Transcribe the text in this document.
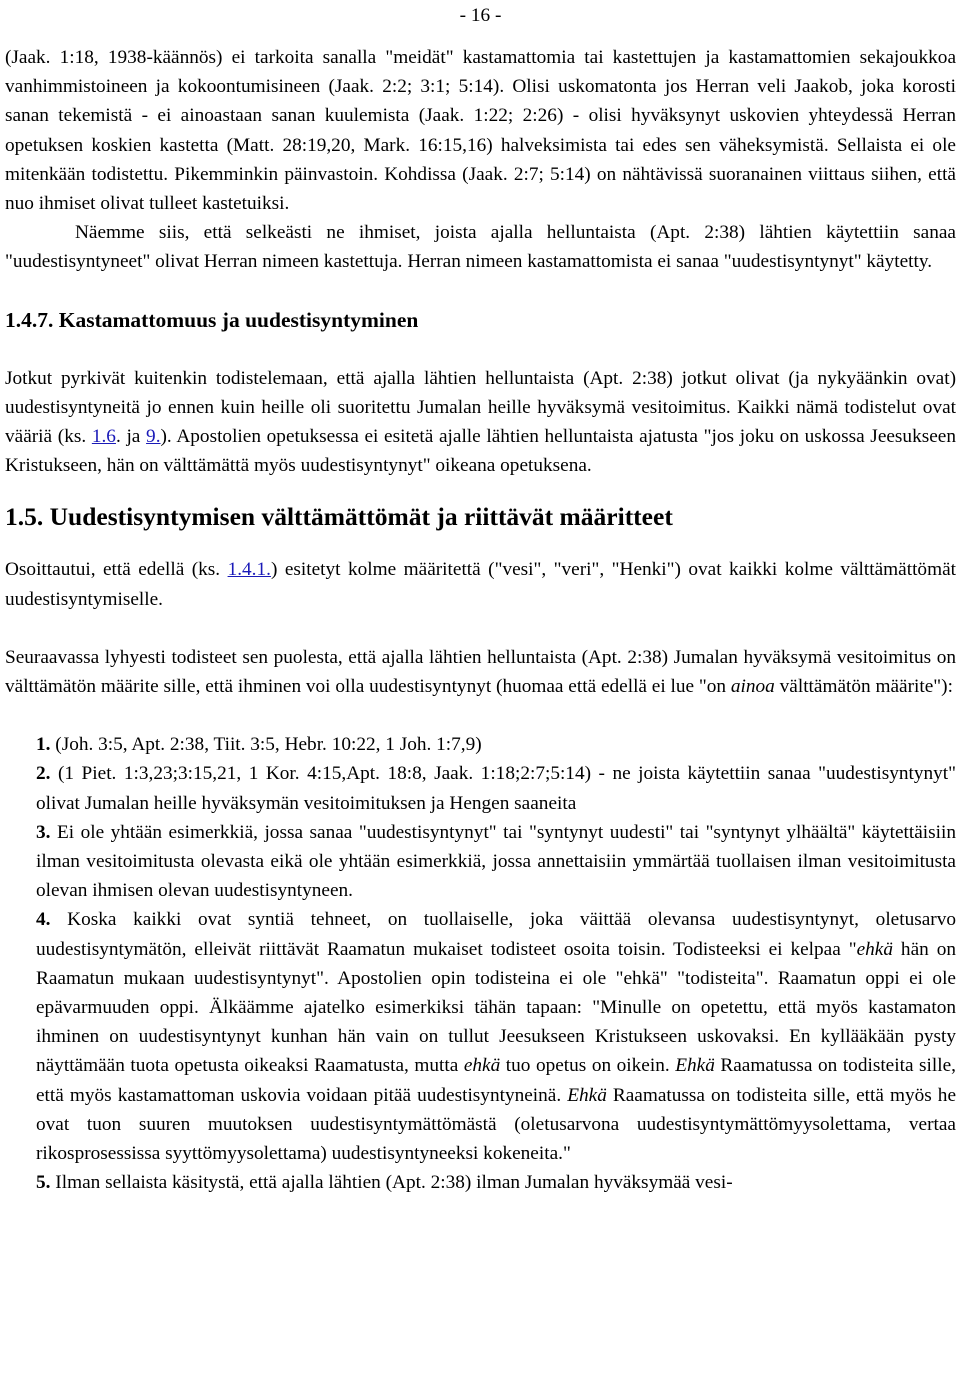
- 16 -

(Jaak. 1:18, 1938-käännös) ei tarkoita sanalla "meidät" kastamattomia tai kastettujen ja kastamattomien sekajoukkoa vanhimmistoineen ja kokoontumisineen (Jaak. 2:2; 3:1; 5:14). Olisi uskomatonta jos Herran veli Jaakob, joka korosti sanan tekemistä - ei ainoastaan sanan kuulemista (Jaak. 1:22; 2:26) - olisi hyväksynyt uskovien yhteydessä Herran opetuksen koskien kastetta (Matt. 28:19,20, Mark. 16:15,16) halveksimista tai edes sen väheksymistä. Sellaista ei ole mitenkään todistettu. Pikemminkin päinvastoin. Kohdissa (Jaak. 2:7; 5:14) on nähtävissä suoranainen viittaus siihen, että nuo ihmiset olivat tulleet kastetuiksi.

Näemme siis, että selkeästi ne ihmiset, joista ajalla helluntaista (Apt. 2:38) lähtien käytettiin sanaa "uudestisyntyneet" olivat Herran nimeen kastettuja. Herran nimeen kastamattomista ei sanaa "uudestisyntynyt" käytetty.

1.4.7. Kastamattomuus ja uudestisyntyminen

Jotkut pyrkivät kuitenkin todistelemaan, että ajalla lähtien helluntaista (Apt. 2:38) jotkut olivat (ja nykyäänkin ovat) uudestisyntyneitä jo ennen kuin heille oli suoritettu Jumalan heille hyväksymä vesitoimitus. Kaikki nämä todistelut ovat vääriä (ks. 1.6. ja 9.). Apostolien opetuksessa ei esitetä ajalle lähtien helluntaista ajatusta "jos joku on uskossa Jeesukseen Kristukseen, hän on välttämättä myös uudestisyntynyt" oikeana opetuksena.

1.5. Uudestisyntymisen välttämättömät ja riittävät määritteet

Osoittautui, että edellä (ks. 1.4.1.) esitetyt kolme määritettä ("vesi", "veri", "Henki") ovat kaikki kolme välttämättömät uudestisyntymiselle.

Seuraavassa lyhyesti todisteet sen puolesta, että ajalla lähtien helluntaista (Apt. 2:38) Jumalan hyväksymä vesitoimitus on välttämätön määrite sille, että ihminen voi olla uudestisyntynyt (huomaa että edellä ei lue "on ainoa välttämätön määrite"):

1. (Joh. 3:5, Apt. 2:38, Tiit. 3:5, Hebr. 10:22, 1 Joh. 1:7,9)

2. (1 Piet. 1:3,23;3:15,21, 1 Kor. 4:15,Apt. 18:8, Jaak. 1:18;2:7;5:14) - ne joista käytettiin sanaa "uudestisyntynyt" olivat Jumalan heille hyväksymän vesitoimituksen ja Hengen saaneita

3. Ei ole yhtään esimerkkiä, jossa sanaa "uudestisyntynyt" tai "syntynyt uudesti" tai "syntynyt ylhäältä" käytettäisiin ilman vesitoimitusta olevasta eikä ole yhtään esimerkkiä, jossa annettaisiin ymmärtää tuollaisen ilman vesitoimitusta olevan ihmisen olevan uudestisyntyneen.

4. Koska kaikki ovat syntiä tehneet, on tuollaiselle, joka väittää olevansa uudestisyntynyt, oletusarvo uudestisyntymätön, elleivät riittävät Raamatun mukaiset todisteet osoita toisin. Todisteeksi ei kelpaa "ehkä hän on Raamatun mukaan uudestisyntynyt". Apostolien opin todisteina ei ole "ehkä" "todisteita". Raamatun oppi ei ole epävarmuuden oppi. Älkäämme ajatelko esimerkiksi tähän tapaan: "Minulle on opetettu, että myös kastamaton ihminen on uudestisyntynyt kunhan hän vain on tullut Jeesukseen Kristukseen uskovaksi. En kyllääkään pysty näyttämään tuota opetusta oikeaksi Raamatusta, mutta ehkä tuo opetus on oikein. Ehkä Raamatussa on todisteita sille, että myös kastamattoman uskovia voidaan pitää uudestisyntyneinä. Ehkä Raamatussa on todisteita sille, että myös he ovat tuon suuren muutoksen uudestisyntymättömästä (oletusarvona uudestisyntymättömyysolettama, vertaa rikosprosessissa syyttömyysolettama) uudestisyntyneeksi kokeneita."

5. Ilman sellaista käsitystä, että ajalla lähtien (Apt. 2:38) ilman Jumalan hyväksymää vesi-
